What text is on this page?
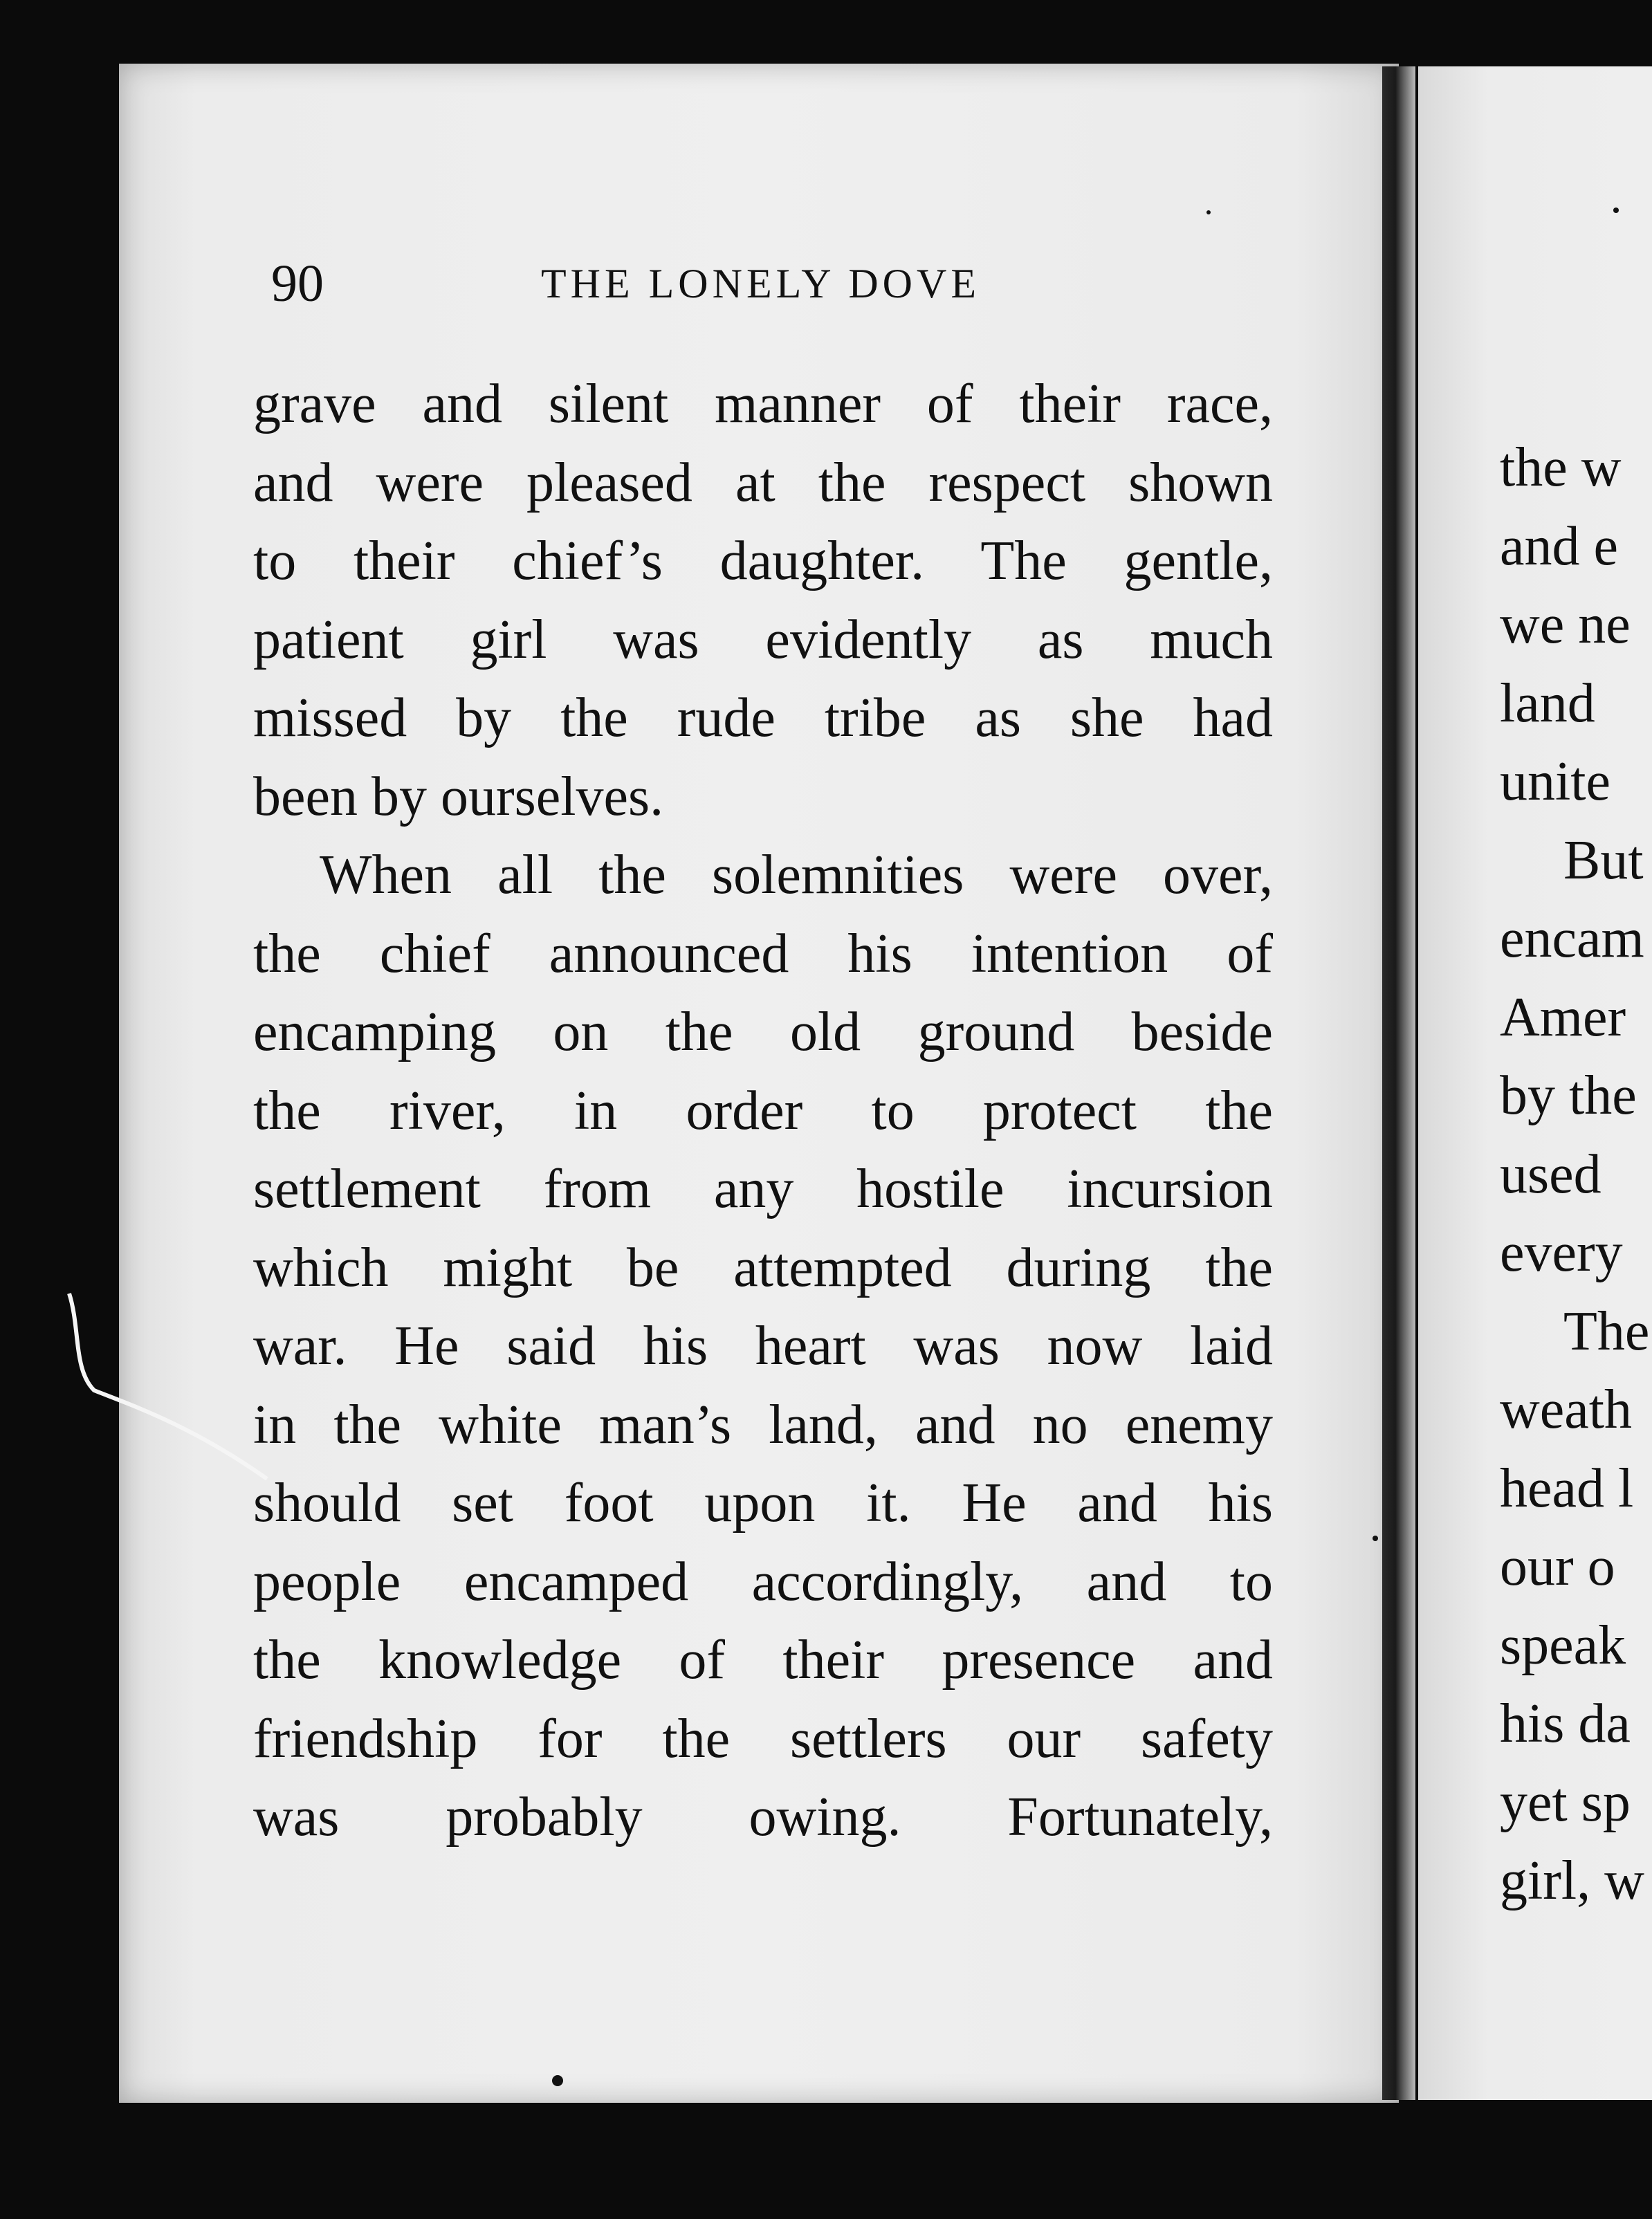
the w
and e
we ne
land
unite
But
encam
Amer
by the
used
every
The
weath
head l
our o
speak
his da
yet sp
girl, w
90	THE LONELY DOVE
grave and silent manner of their race,
and were pleased at the respect shown
to their chief’s daughter. The gentle,
patient girl was evidently as much
missed by the rude tribe as she had
been by ourselves.
When all the solemnities were over,
the chief announced his intention of
encamping on the old ground beside
the river, in order to protect the
settlement from any hostile incursion
which might be attempted during the
war. He said his heart was now laid
in the white man’s land, and no enemy
should set foot upon it. He and his
people encamped accordingly, and to
the knowledge of their presence and
friendship for the settlers our safety
was probably owing. Fortunately,
